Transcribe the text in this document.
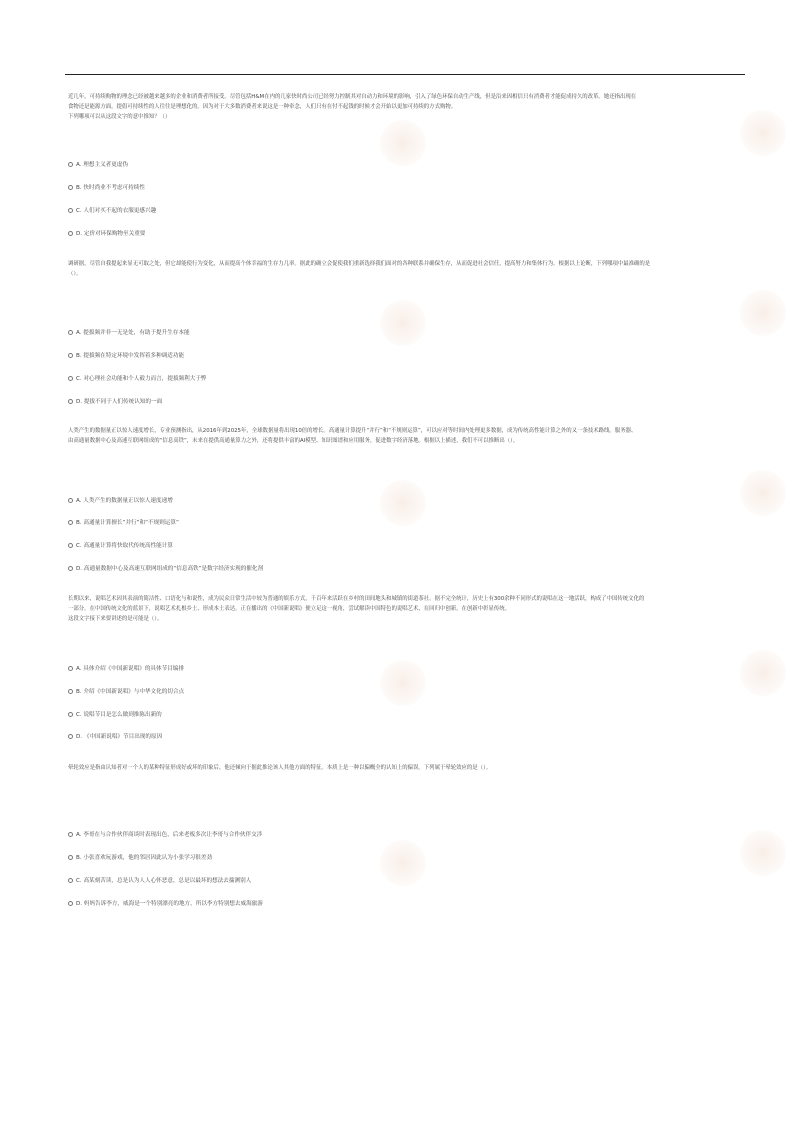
近几年，可持续购物的理念已经被越来越多的企业和消费者所接受。尽管包括H&M在内的几家快时尚公司已经努力控制其对自动力和环境的影响，引入了绿色环保自动生产线，但是沿来因相信只有消费者才能促成持久的改革。她还指出现在

食物还是能源方面，提倡可持续性的人往往是理想化的。因为对于大多数消费者来说这是一种牵念，人们只有在付不起钱的时候才会开始以更加可持续的方式购物。

下列哪项可以从这段文字的意中推知？（）

A. 理想主义者更虚伪
B. 快时尚业不考虑可持续性
C. 人们对买不起的衣服更感兴趣
D. 定价对环保购物至关重要

调研据，尽管自我提起来显无可取之处，但它却能使行为变化，从而提高个体幸福的生存力几率。据此的确立会促使我们重新选择我们面对的各种联系并确保生存，从而促进社会信任，提高努力和集体行为。根据以上论断，下列哪项中最准确的是

（）。

A. 提拔频并非一无是处，有助于提升生存本能
B. 提拔频在特定环境中发挥着多种调适功能
C. 对心理社会功能和个人毅力而言，提拔频利大于弊
D. 提拔不同于人们传统认知的一面

人类产生的数据量正以惊人速度增长，专业预测指出，从2016年到2025年，全球数据量将出现10倍的增长。高通量计算提升“并行”和“不规则运算”，可以应对等时间内处理更多数据，成为传统高性能计算之外的又一条技术路线。服务器、

由高通量数据中心及高速互联网组成的“信息高铁”，未来在提供高通量算力之外，还将提供丰富的AI模型、知识图谱和应用服务，促进数字经济落地。根据以上描述，我们不可以推断出（）。

A. 人类产生的数据量正以惊人速度递增
B. 高通量计算擅长“并行”和“不规则运算”
C. 高通量计算将快取代传统高性能计算
D. 高通量数据中心及高速互联网组成的“信息高铁”是数字经济实现的催化剂

长期以来，说唱艺术因其表演的简洁性、口语化与和说性，成为民众日常生活中较为普通的娱乐方式，千百年来活跃在乡村的田间地头和城镇的街道茶社。据不完全统计，历史上有300余种不同形式的说唱在这一地活跃，构成了中国传统文化的

一部分。在中国传统文化的蓝景下，说唱艺术扎根乡土、形成本土表达。正在播出的《中国新说唱》便立足这一视角，尝试解读中国特色的说唱艺术，在回归中创新，在创新中彰显传统。

这段文字接下来要讲述的是可能是（）。

A. 具体介绍《中国新说唱》的具体节目编排
B. 介绍《中国新说唱》与中华文化的切合点
C. 说唱节目是怎么做到推陈出新的
D. 《中国新说唱》节目出现的原因

晕轮效应是指由认知者对一个人的某种特征形成好或坏的印象后，他还倾向于据此推论该人其他方面的特征。本质上是一种以偏概全的认知上的偏误。下列属于晕轮效应的是（）。

A. 李哥在与合作伙伴商谈时表现出色，后来老板多次让李哥与合作伙伴交涉
B. 小张喜欢玩游戏，他的邻居因此认为小张学习很差劲
C. 高某刻苦读，总是认为人人心怀恶意，总是以最坏的想法去揣测别人
D. 妈妈告诉李方，威海是一个特别漂亮的地方，所以李方特别想去威海旅游
